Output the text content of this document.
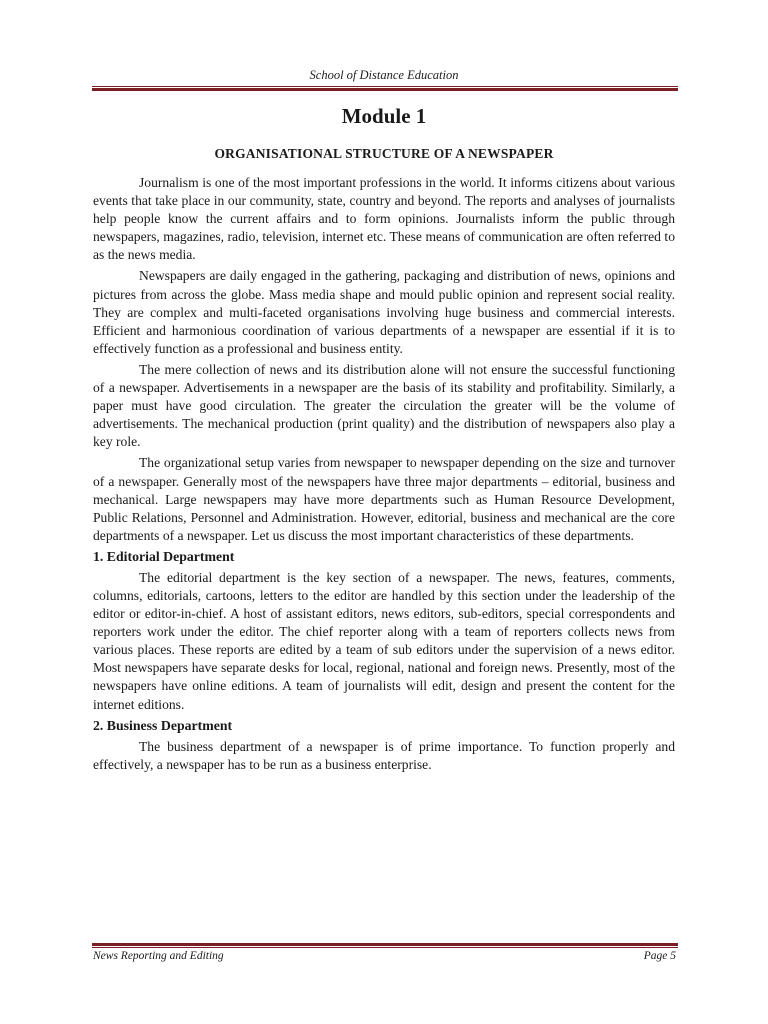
School of Distance Education
Module 1
ORGANISATIONAL STRUCTURE OF A NEWSPAPER

Journalism is one of the most important professions in the world. It informs citizens about various events that take place in our community, state, country and beyond. The reports and analyses of journalists help people know the current affairs and to form opinions. Journalists inform the public through newspapers, magazines, radio, television, internet etc. These means of communication are often referred to as the news media.

Newspapers are daily engaged in the gathering, packaging and distribution of news, opinions and pictures from across the globe. Mass media shape and mould public opinion and represent social reality. They are complex and multi-faceted organisations involving huge business and commercial interests. Efficient and harmonious coordination of various departments of a newspaper are essential if it is to effectively function as a professional and business entity.

The mere collection of news and its distribution alone will not ensure the successful functioning of a newspaper. Advertisements in a newspaper are the basis of its stability and profitability. Similarly, a paper must have good circulation. The greater the circulation the greater will be the volume of advertisements. The mechanical production (print quality) and the distribution of newspapers also play a key role.

The organizational setup varies from newspaper to newspaper depending on the size and turnover of a newspaper. Generally most of the newspapers have three major departments – editorial, business and mechanical. Large newspapers may have more departments such as Human Resource Development, Public Relations, Personnel and Administration. However, editorial, business and mechanical are the core departments of a newspaper. Let us discuss the most important characteristics of these departments.

1. Editorial Department

The editorial department is the key section of a newspaper. The news, features, comments, columns, editorials, cartoons, letters to the editor are handled by this section under the leadership of the editor or editor-in-chief. A host of assistant editors, news editors, sub-editors, special correspondents and reporters work under the editor. The chief reporter along with a team of reporters collects news from various places. These reports are edited by a team of sub editors under the supervision of a news editor. Most newspapers have separate desks for local, regional, national and foreign news. Presently, most of the newspapers have online editions. A team of journalists will edit, design and present the content for the internet editions.

2. Business Department

The business department of a newspaper is of prime importance. To function properly and effectively, a newspaper has to be run as a business enterprise.

News Reporting and Editing	Page 5
